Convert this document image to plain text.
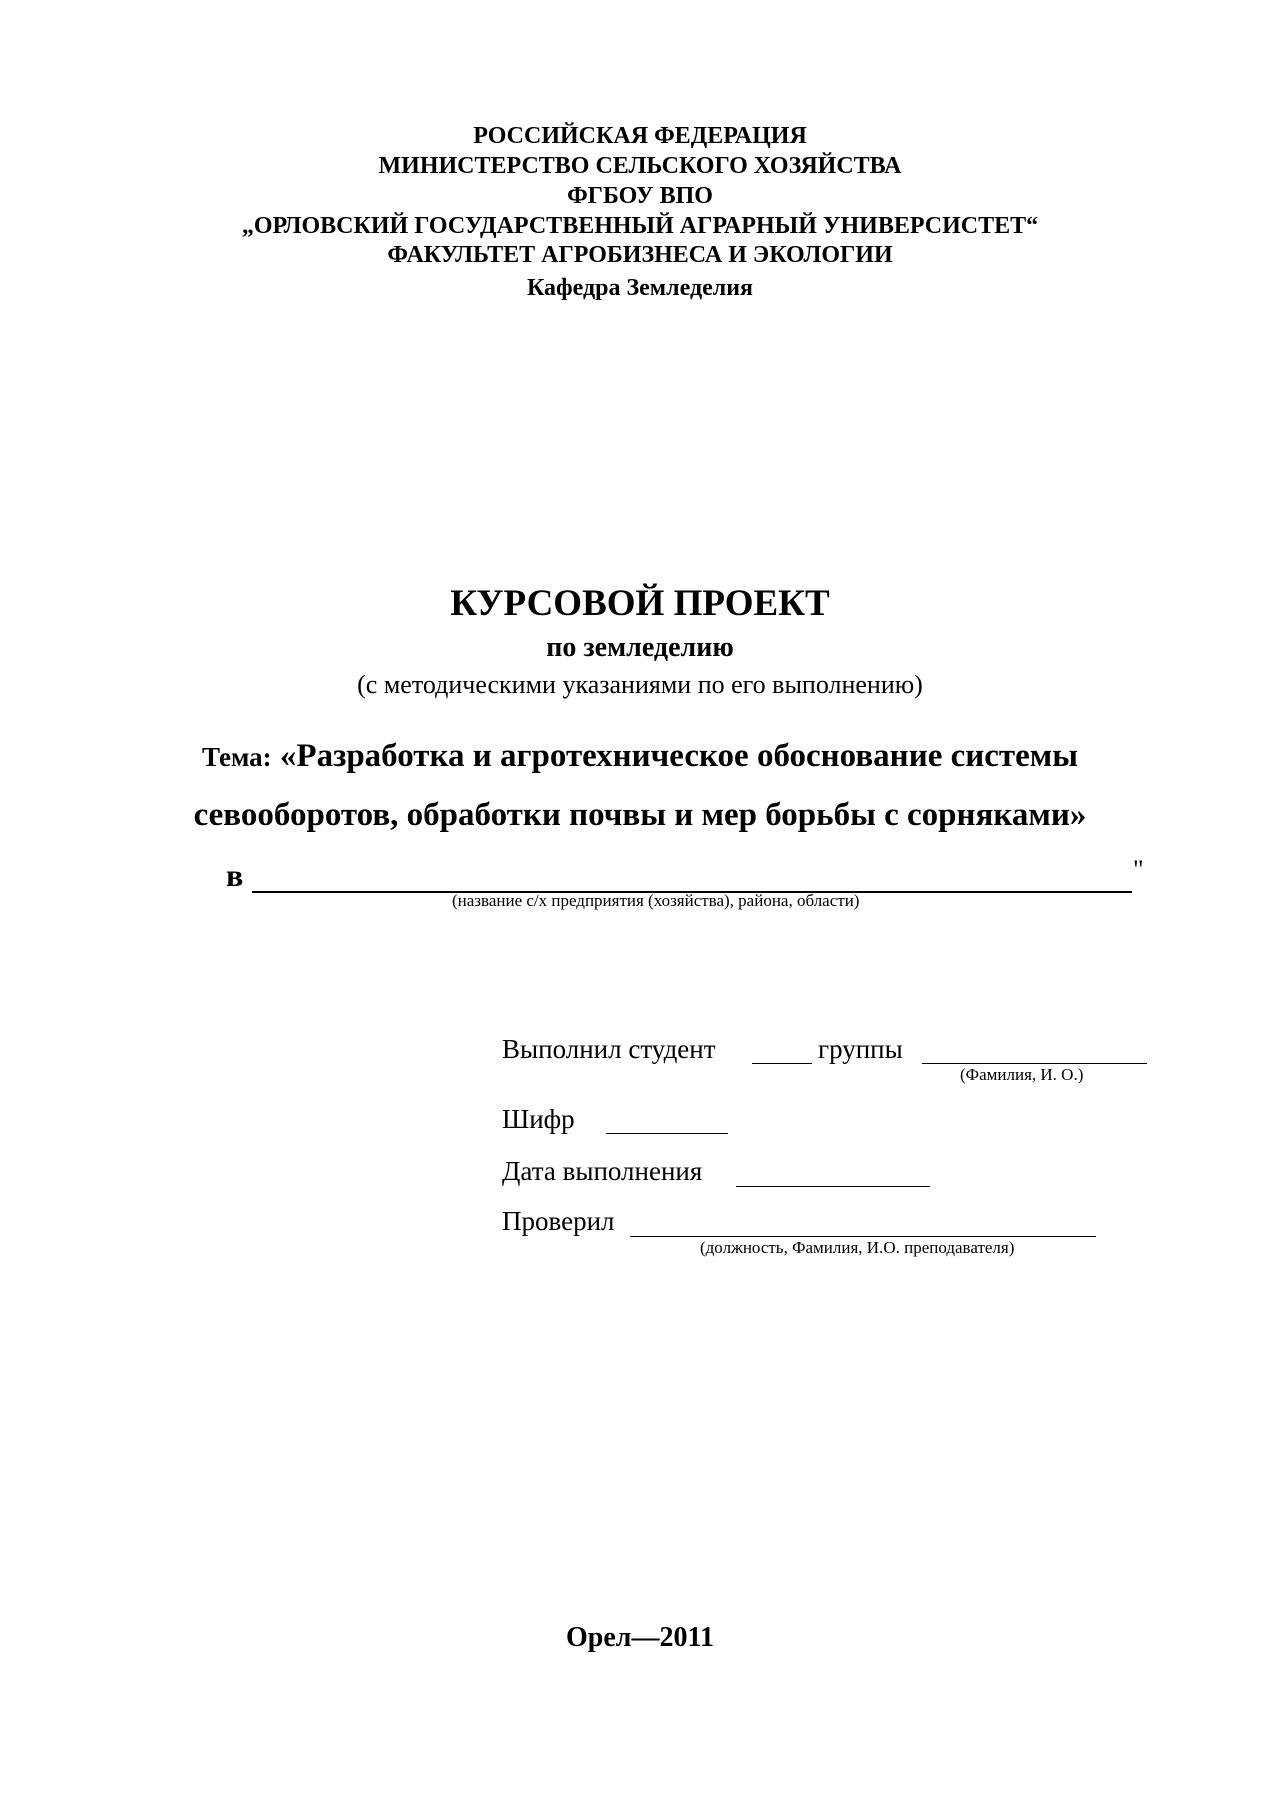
РОССИЙСКАЯ ФЕДЕРАЦИЯ
МИНИСТЕРСТВО СЕЛЬСКОГО ХОЗЯЙСТВА
ФГБОУ ВПО
„ОРЛОВСКИЙ ГОСУДАРСТВЕННЫЙ АГРАРНЫЙ УНИВЕРСИСТЕТ“
ФАКУЛЬТЕТ АГРОБИЗНЕСА И ЭКОЛОГИИ
Кафедра Земледелия
КУРСОВОЙ ПРОЕКТ
по земледелию
(с методическими указаниями по его выполнению)
Тема: «Разработка и агротехническое обоснование системы
севооборотов, обработки почвы и мер борьбы с сорняками»
в	"
(название с/х предприятия (хозяйства), района, области)
Выполнил студент	группы
(Фамилия, И. О.)
Шифр
Дата выполнения
Проверил
(должность, Фамилия, И.О. преподавателя)
Орел—2011
